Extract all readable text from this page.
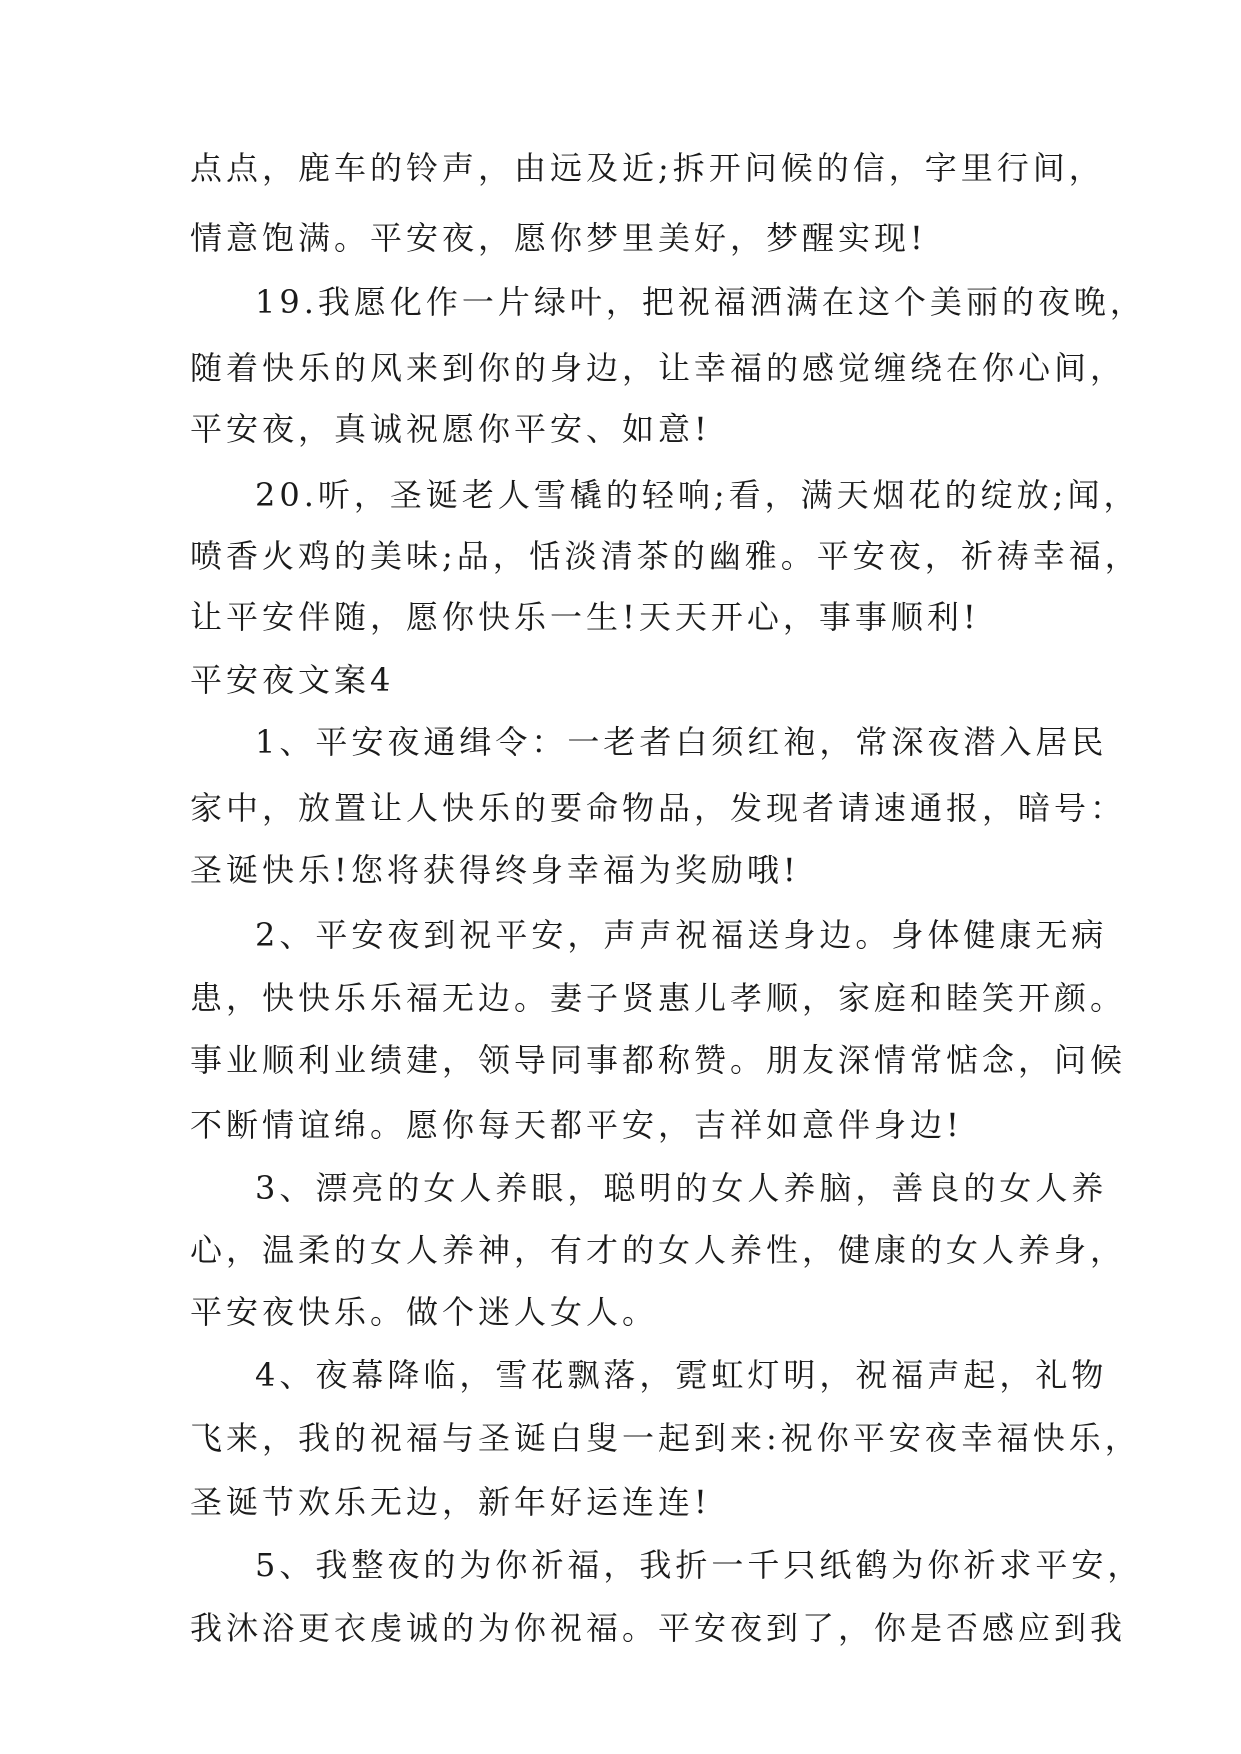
点点，鹿车的铃声，由远及近;拆开问候的信，字里行间，
情意饱满。平安夜，愿你梦里美好，梦醒实现!
19.我愿化作一片绿叶，把祝福洒满在这个美丽的夜晚，
随着快乐的风来到你的身边，让幸福的感觉缠绕在你心间，
平安夜，真诚祝愿你平安、如意!
20.听，圣诞老人雪橇的轻响;看，满天烟花的绽放;闻，
喷香火鸡的美味;品，恬淡清茶的幽雅。平安夜，祈祷幸福，
让平安伴随，愿你快乐一生!天天开心，事事顺利!
平安夜文案4
1、平安夜通缉令：一老者白须红袍，常深夜潜入居民
家中，放置让人快乐的要命物品，发现者请速通报，暗号：
圣诞快乐!您将获得终身幸福为奖励哦!
2、平安夜到祝平安，声声祝福送身边。身体健康无病
患，快快乐乐福无边。妻子贤惠儿孝顺，家庭和睦笑开颜。
事业顺利业绩建，领导同事都称赞。朋友深情常惦念，问候
不断情谊绵。愿你每天都平安，吉祥如意伴身边!
3、漂亮的女人养眼，聪明的女人养脑，善良的女人养
心，温柔的女人养神，有才的女人养性，健康的女人养身，
平安夜快乐。做个迷人女人。
4、夜幕降临，雪花飘落，霓虹灯明，祝福声起，礼物
飞来，我的祝福与圣诞白叟一起到来:祝你平安夜幸福快乐，
圣诞节欢乐无边，新年好运连连!
5、我整夜的为你祈福，我折一千只纸鹤为你祈求平安，
我沐浴更衣虔诚的为你祝福。平安夜到了，你是否感应到我
